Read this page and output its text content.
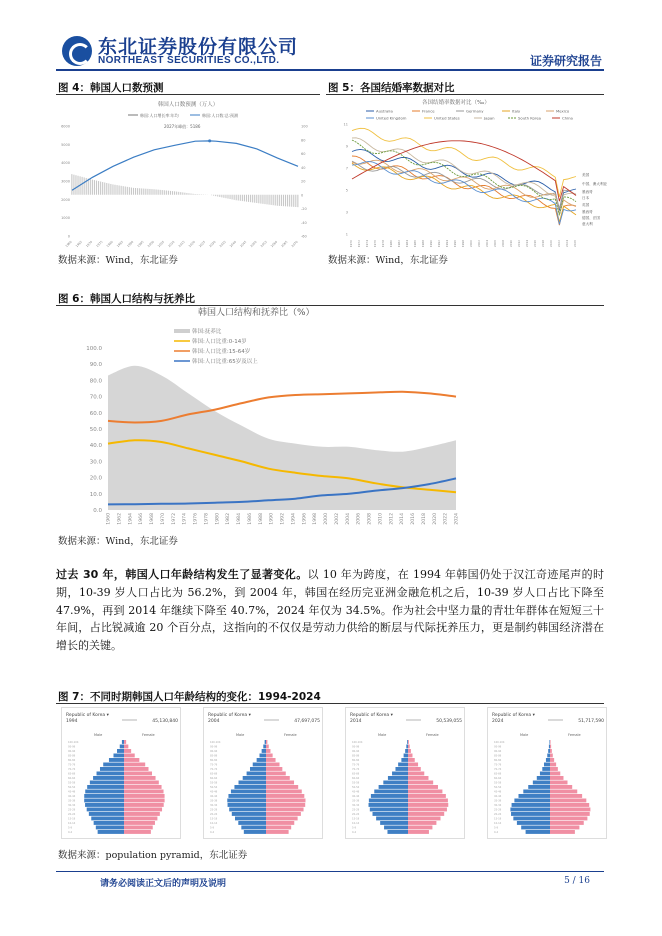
东北证券股份有限公司
NORTHEAST SECURITIES CO.,LTD.	证券研究报告
图 4：韩国人口数预测
韩国人口数预测（万人）
韩国:人口增长率:年均	韩国:人口数:总:预测
2027年峰值：5186
0
1000
2000
3000
4000
5000
6000
-60
-40
-20
0
20
40
60
80
100
1960 1965 1970 1975 1980 1985 1990 1995 2000 2005 2010 2015 2020 2025 2030 2035 2040 2045 2050 2055 2060 2065 2070
数据来源：Wind，东北证券
图 5：各国结婚率数据对比
各国结婚率数据对比（‰）
Australia	France	Germany	Italy	Mexico
United Kingdom	United States	Japan	South Korea	China
1
3
5
7
9
11
1970 1972 1974 1976 1978 1980 1982 1984 1986 1988 1990 1992 1994 1996 1998 2000 2002 2004 2006 2008 2010 2012 2014 2016 2018 2020 2022 2024 2026
美国
中国、澳大利亚
墨西哥
日本
英国
墨西哥
德国、法国
意大利
数据来源：Wind，东北证券
图 6：韩国人口结构与抚养比
韩国人口结构和抚养比（%）
韩国:抚养比
韩国:人口比重:0-14岁
韩国:人口比重:15-64岁
韩国:人口比重:65岁及以上
0.0
10.0
20.0
30.0
40.0
50.0
60.0
70.0
80.0
90.0
100.0
1960 1962 1964 1966 1968 1970 1972 1974 1976 1978 1980 1982 1984 1986 1988 1990 1992 1994 1996 1998 2000 2002 2004 2006 2008 2010 2012 2014 2016 2018 2020 2022 2024
数据来源：Wind，东北证券
过去 30 年，韩国人口年龄结构发生了显著变化。以 10 年为跨度，在 1994 年韩国仍处于汉江奇迹尾声的时期，10-39 岁人口占比为 56.2%，到 2004 年，韩国在经历完亚洲金融危机之后，10-39 岁人口占比下降至 47.9%，再到 2014 年继续下降至 40.7%，2024 年仅为 34.5%。作为社会中坚力量的青壮年群体在短短三十年间，占比锐减逾 20 个百分点，这指向的不仅仅是劳动力供给的断层与代际抚养压力，更是制约韩国经济潜在增长的关键。
图 7：不同时期韩国人口年龄结构的变化：1994-2024
Republic of Korea ▾
1994	45,130,840
Male	Female
100-104
95-99
90-94
85-89
80-84
75-79
70-74
65-69
60-64
55-59
50-54
45-49
40-44
35-39
30-34
25-29
20-24
15-19
10-14
5-9
0-4
Republic of Korea ▾
2004	47,697,075
Male	Female
100-104
95-99
90-94
85-89
80-84
75-79
70-74
65-69
60-64
55-59
50-54
45-49
40-44
35-39
30-34
25-29
20-24
15-19
10-14
5-9
0-4
Republic of Korea ▾
2014	50,539,055
Male	Female
100-104
95-99
90-94
85-89
80-84
75-79
70-74
65-69
60-64
55-59
50-54
45-49
40-44
35-39
30-34
25-29
20-24
15-19
10-14
5-9
0-4
Republic of Korea ▾
2024	51,717,590
Male	Female
100-104
95-99
90-94
85-89
80-84
75-79
70-74
65-69
60-64
55-59
50-54
45-49
40-44
35-39
30-34
25-29
20-24
15-19
10-14
5-9
0-4
数据来源：population pyramid，东北证券
请务必阅读正文后的声明及说明	5 / 16
